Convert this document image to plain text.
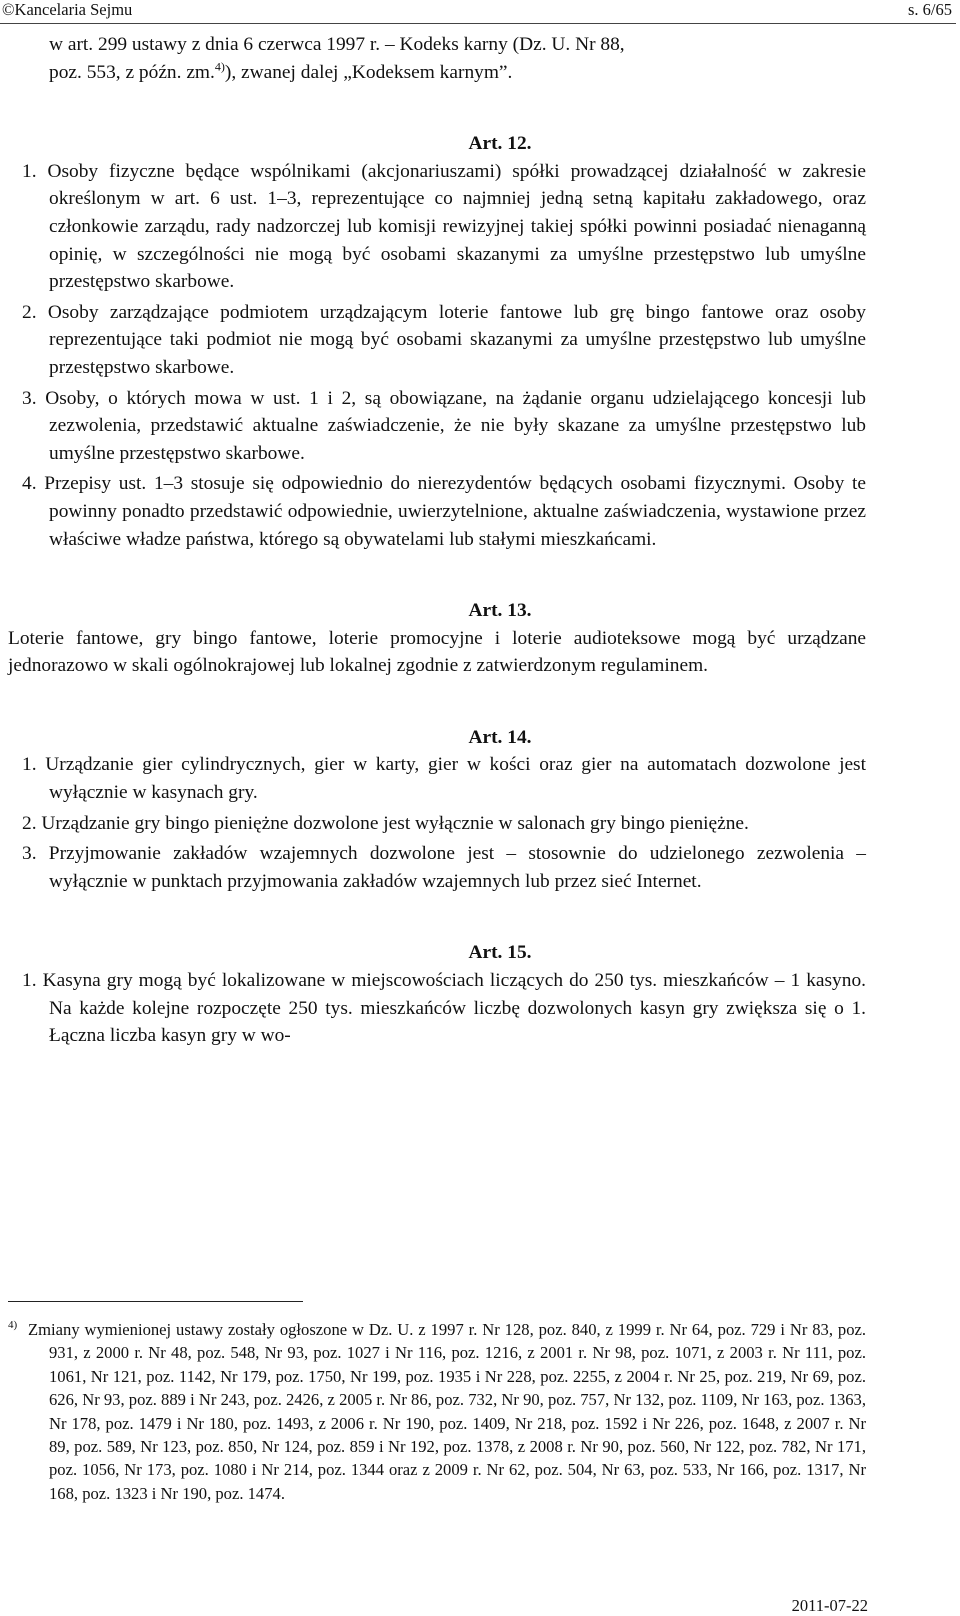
©Kancelaria Sejmu	s. 6/65

w art. 299 ustawy z dnia 6 czerwca 1997 r. – Kodeks karny (Dz. U. Nr 88,

poz. 553, z późn. zm.$^{4)}$), zwanej dalej „Kodeksem karnym”.

Art. 12.

1. Osoby fizyczne będące wspólnikami (akcjonariuszami) spółki prowadzącej działalność w zakresie określonym w art. 6 ust. 1–3, reprezentujące co najmniej jedną setną kapitału zakładowego, oraz członkowie zarządu, rady nadzorczej lub komisji rewizyjnej takiej spółki powinni posiadać nienaganną opinię, w szczególności nie mogą być osobami skazanymi za umyślne przestępstwo lub umyślne przestępstwo skarbowe.

2. Osoby zarządzające podmiotem urządzającym loterie fantowe lub grę bingo fantowe oraz osoby reprezentujące taki podmiot nie mogą być osobami skazanymi za umyślne przestępstwo lub umyślne przestępstwo skarbowe.

3. Osoby, o których mowa w ust. 1 i 2, są obowiązane, na żądanie organu udzielającego koncesji lub zezwolenia, przedstawić aktualne zaświadczenie, że nie były skazane za umyślne przestępstwo lub umyślne przestępstwo skarbowe.

4. Przepisy ust. 1–3 stosuje się odpowiednio do nierezydentów będących osobami fizycznymi. Osoby te powinny ponadto przedstawić odpowiednie, uwierzytelnione, aktualne zaświadczenia, wystawione przez właściwe władze państwa, którego są obywatelami lub stałymi mieszkańcami.

Art. 13.

Loterie fantowe, gry bingo fantowe, loterie promocyjne i loterie audioteksowe mogą być urządzane jednorazowo w skali ogólnokrajowej lub lokalnej zgodnie z zatwierdzonym regulaminem.

Art. 14.

1. Urządzanie gier cylindrycznych, gier w karty, gier w kości oraz gier na automatach dozwolone jest wyłącznie w kasynach gry.

2. Urządzanie gry bingo pieniężne dozwolone jest wyłącznie w salonach gry bingo pieniężne.

3. Przyjmowanie zakładów wzajemnych dozwolone jest – stosownie do udzielonego zezwolenia – wyłącznie w punktach przyjmowania zakładów wzajemnych lub przez sieć Internet.

Art. 15.

1. Kasyna gry mogą być lokalizowane w miejscowościach liczących do 250 tys. mieszkańców – 1 kasyno. Na każde kolejne rozpoczęte 250 tys. mieszkańców liczbę dozwolonych kasyn gry zwiększa się o 1. Łączna liczba kasyn gry w wo-

4) Zmiany wymienionej ustawy zostały ogłoszone w Dz. U. z 1997 r. Nr 128, poz. 840, z 1999 r. Nr 64, poz. 729 i Nr 83, poz. 931, z 2000 r. Nr 48, poz. 548, Nr 93, poz. 1027 i Nr 116, poz. 1216, z 2001 r. Nr 98, poz. 1071, z 2003 r. Nr 111, poz. 1061, Nr 121, poz. 1142, Nr 179, poz. 1750, Nr 199, poz. 1935 i Nr 228, poz. 2255, z 2004 r. Nr 25, poz. 219, Nr 69, poz. 626, Nr 93, poz. 889 i Nr 243, poz. 2426, z 2005 r. Nr 86, poz. 732, Nr 90, poz. 757, Nr 132, poz. 1109, Nr 163, poz. 1363, Nr 178, poz. 1479 i Nr 180, poz. 1493, z 2006 r. Nr 190, poz. 1409, Nr 218, poz. 1592 i Nr 226, poz. 1648, z 2007 r. Nr 89, poz. 589, Nr 123, poz. 850, Nr 124, poz. 859 i Nr 192, poz. 1378, z 2008 r. Nr 90, poz. 560, Nr 122, poz. 782, Nr 171, poz. 1056, Nr 173, poz. 1080 i Nr 214, poz. 1344 oraz z 2009 r. Nr 62, poz. 504, Nr 63, poz. 533, Nr 166, poz. 1317, Nr 168, poz. 1323 i Nr 190, poz. 1474.

2011-07-22
